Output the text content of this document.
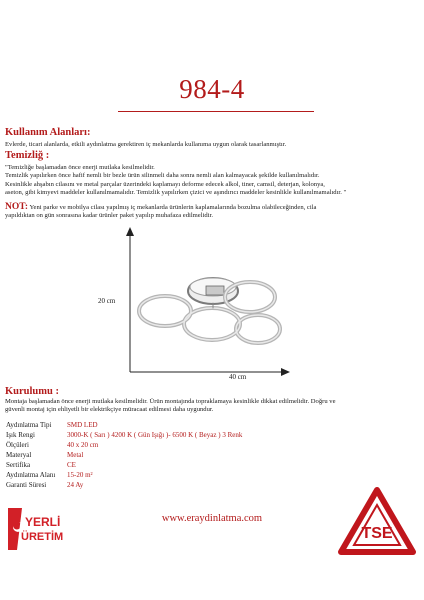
984-4
Kullanım Alanları:
Evlerde, ticari alanlarda, etkili aydınlatma gerektiren iç mekanlarda kullanıma uygun olarak tasarlanmıştır.
Temizliğ :
"Temizliğe başlamadan önce enerji mutlaka kesilmelidir.
Temizlik yapılırken önce hafif nemli bir bezle ürün silinmeli daha sonra nemli alan kalmayacak şekilde kullanılmalıdır.
Kesinlikle ahşabın cilasını ve metal parçalar üzerindeki kaplamayı deforme edecek alkol, tiner, camsil, deterjan, kolonya,
aseton, gibi kimyevi maddeler kullanılmamalıdır. Temizlik yapılırken çizici ve aşındırıcı maddeler kesinlikle kullanılmamalıdır. "
NOT: Yeni parke ve mobilya cilası yapılmış iç mekanlarda ürünlerin kaplamalarında bozulma olabileceğinden, cila
yapıldıktan on gün sonrasına kadar ürünler paket yapılıp muhafaza edilmelidir.
20 cm
40 cm
Kurulumu :
Montaja başlamadan önce enerji mutlaka kesilmelidir. Ürün montajında topraklamaya kesinlikle dikkat edilmelidir. Doğru ve
güvenli montaj için ehliyetli bir elektrikçiye müracaat edilmesi daha uygundur.
Aydınlatma Tipi	SMD LED
Işık Rengi	3000-K ( Sarı ) 4200 K ( Gün Işığı )- 6500 K ( Beyaz ) 3 Renk
Ölçüleri	40 x 20 cm
Materyal	Metal
Sertifika	CE
Aydınlatma Alanı	15-20 m²
Garanti Süresi	24 Ay
YERLİ
ÜRETİM
www.eraydinlatma.com
TSE
